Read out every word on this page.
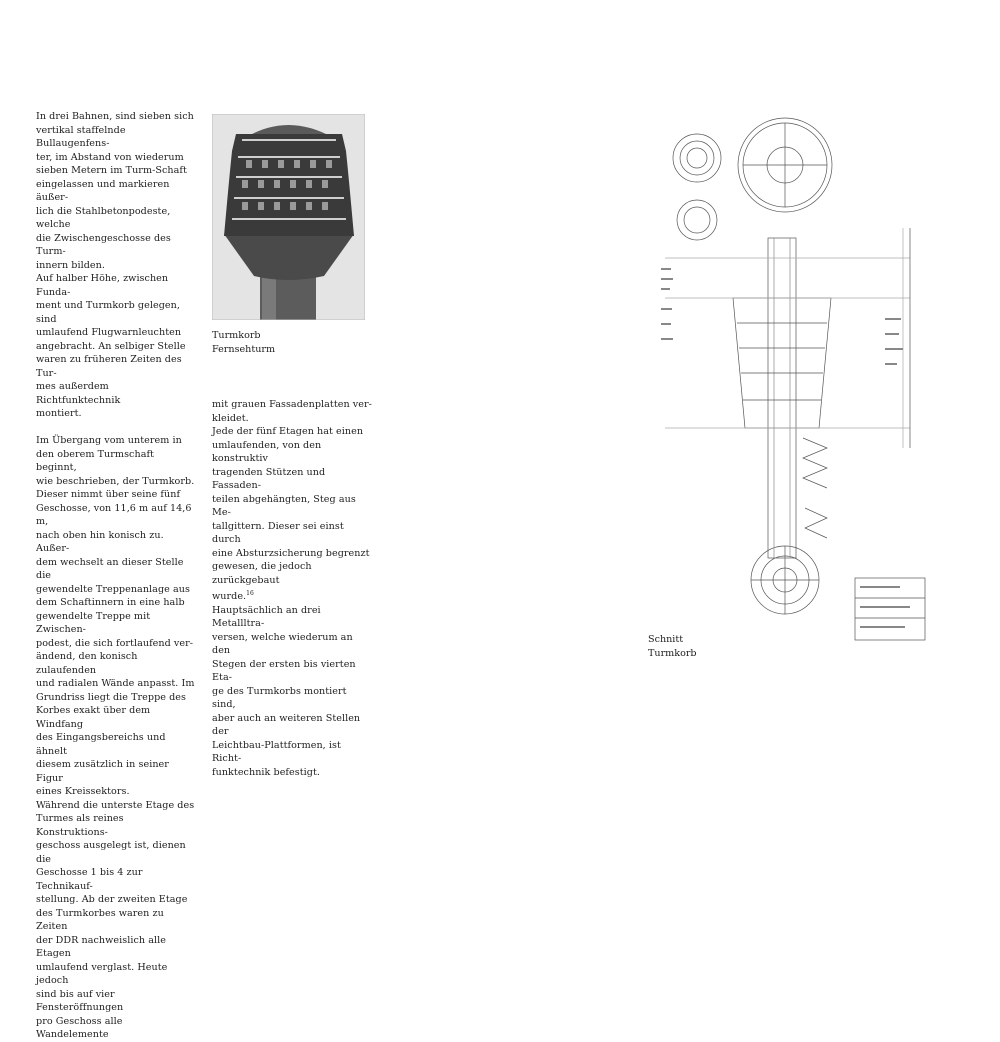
In drei Bahnen, sind sieben sich
vertikal staffelnde Bullaugenfens-
ter, im Abstand von wiederum
sieben Metern im Turm-Schaft
eingelassen und markieren äußer-
lich die Stahlbetonpodeste, welche
die Zwischengeschosse des Turm-
innern bilden.
Auf halber Höhe, zwischen Funda-
ment und Turmkorb gelegen, sind
umlaufend Flugwarnleuchten
angebracht. An selbiger Stelle
waren zu früheren Zeiten des Tur-
mes außerdem Richtfunktechnik
montiert.

Im Übergang vom unterem in
den oberem Turmschaft beginnt,
wie beschrieben, der Turmkorb.
Dieser nimmt über seine fünf
Geschosse, von 11,6 m auf 14,6 m,
nach oben hin konisch zu. Außer-
dem wechselt an dieser Stelle die
gewendelte Treppenanlage aus
dem Schaftinnern in eine halb
gewendelte Treppe mit Zwischen-
podest, die sich fortlaufend ver-
ändend, den konisch zulaufenden
und radialen Wände anpasst. Im
Grundriss liegt die Treppe des
Korbes exakt über dem Windfang
des Eingangsbereichs und ähnelt
diesem zusätzlich in seiner Figur
eines Kreissektors.
Während die unterste Etage des
Turmes als reines Konstruktions-
geschoss ausgelegt ist, dienen die
Geschosse 1 bis 4 zur Technikauf-
stellung. Ab der zweiten Etage
des Turmkorbes waren zu Zeiten
der DDR nachweislich alle Etagen
umlaufend verglast. Heute jedoch
sind bis auf vier Fensteröffnungen
pro Geschoss alle Wandelemente
Turmkorb
Fernsehturm
mit grauen Fassadenplatten ver-
kleidet.
Jede der fünf Etagen hat einen
umlaufenden, von den konstruktiv
tragenden Stützen und Fassaden-
teilen abgehängten, Steg aus Me-
tallgittern. Dieser sei einst durch
eine Absturzsicherung begrenzt
gewesen, die jedoch zurückgebaut
wurde.$^{16}$
Hauptsächlich an drei Metallltra-
versen, welche wiederum an den
Stegen der ersten bis vierten Eta-
ge des Turmkorbs montiert sind,
aber auch an weiteren Stellen der
Leichtbau-Plattformen, ist Richt-
funktechnik befestigt.
Schnitt
Turmkorb
